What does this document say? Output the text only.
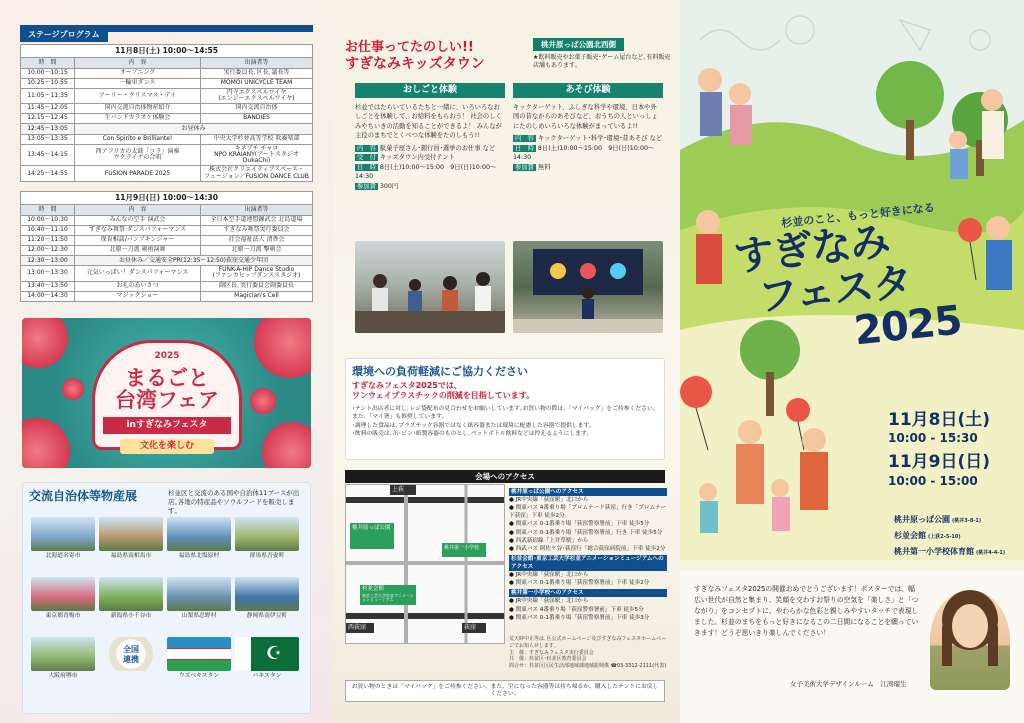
ステージプログラム
11月8日(土) 10:00～14:55		
時　間	内　容	出演者等
10:00～10:15	オープニング	実行委員長､区長､議長等
10:25～10:55	一輪車ダンス	MOMOI UNICYCLE TEAM
11:05～11:35	アーリー・クリスマス・デイ	円寺エクスペルワイヤ
(エンジーエクスペルワイヤ)
11:45～12:05	国内交流自治体物産紹介	国内交流自治体
12:15～12:45	生バンドカラオケ体験会	BANDIES
12:45～13:05	お昼休み	
13:05～13:35	Con Spirito e Brilliante!	中央大学杉並高等学校 吹奏楽部
13:45～14:15	西アフリカの太鼓「コラ」演奏
ウクライナの合唱	キネブチ チャロ
NPO KRAIANY(アートスタジオDukaChi)
14:25～14:55	FUSION PARADE 2025	株式会社クリエイティブスペース・
フュージョン／FUSION DANCE CLUB
11月9日(日) 10:00～14:30		
時　間	内　容	出演者等
10:00～10:30	みんなの空手 演武会	全日本空手道連盟錬武会 北島道場
10:40～11:10	すぎなみ舞祭 ダンスパフォーマンス	すぎなみ舞祭実行委員会
11:20～11:50	保育相談/パンプキンジャー	社会福祉法人 清香会
12:00～12:30	北原一刀流 剣術演舞	北原一刀流 撃剣会
12:30～13:00	お昼休み／交通安全PR(12:35～12:50)荻窪交通少年団	
13:00～13:30	元気いっぱい！ダンスパフォーマンス	FUNK-A-HIP Dance Studio
(ファンカヒップダンススタジオ)
13:40～13:50	お礼のあいさつ	副区長､実行委員会副委員長
14:00～14:30	マジックショー	Magician's Cell
2025
まるごと
台湾フェア
inすぎなみフェスタ
文化を楽しむ
交流自治体等物産展	杉並区と交流のある国や自治体11ブースが出店｡各地の特産品やソウルフードを販売します｡
北海道名寄市	福島県南相馬市	福島県北塩原村	群馬県吾妻町
東京都青梅市	新潟県小千谷市	山梨県忍野村	静岡県南伊豆町
大阪府堺市
全国
連携
ウズベキスタン
☪
パキスタン
お仕事ってたのしい!!
すぎなみキッズタウン
桃井原っぱ公園北西側
★飲料販売やお菓子販売･ゲーム屋台など､有料販売店舗もあります｡
おしごと体験
杉並ではたらいているたちと一緒に、いろいろなおしごとを体験して、お給料をもらおう！ 社会のしくみやちいきの活動を知ることができるよ！ みんなが主役のまちでとくべつな体験をたのしもう!!
内　容 駄菓子屋さん･銀行員･選挙のお仕事 など
受　付 キッズタウン内受付テント
日　時 8日(土)10:00～15:00　9日(日)10:00～14:30
参加費 300円
あそび体験
キックターゲット、ふしぎな科学や環境、日本や外国の昔なからのあそびなど、おうちの人といっしょにたのしめいろいろな体験がまっているよ!!
内　容 キックターゲット･科学･環境･昔あそび など
日　時 8日(土)10:00～15:00　9日(日)10:00～14:30
参加費 無料
環境への負荷軽減にご協力ください
すぎなみフェスタ2025では、
ワンウェイプラスチックの削減を目指しています。
･テント出店者に対し､レジ袋配布の見合わせをお願いしています｡お買い物の際は､「マイバッグ」をご持参ください｡また､「マイ箸」も推奨しています｡
･調理した食品は､プラスチック容器ではなく紙容器または環境に配慮した容器で提供します｡
･飲料の販売は､缶･ビン･紙製容器のものとし､ペットボトル飲料などは控えるようにします｡
会場へのアクセス
上荻
桃井原っぱ公園
桃井第一小学校
杉並会館
東京工芸大学杉並アニメーションミュージアム
荻窪
西荻窪
桃井原っぱ公園へのアクセス
● JR中央線「荻窪駅」北口から
● 関東バス 4番乗り場「プロムナード荻窪」行き「プロムナード荻窪」下車 徒歩2分
● 関東バス 0-1番乗り場「荻窪警察署前」下車 徒歩5分
● 関東バス 0-1番乗り場「荻窪警察署前」行き 下車 徒歩5分
● 西武新宿線「上井草駅」から
● 西武バス 阿佐ケ谷･荻窪行「総合荻窪病院前」下車 徒歩2分
杉並会館･東京工芸大学杉並アニメーションミュージアムへのアクセス
● JR中央線「荻窪駅」北口から
● 関東バス 0-1番乗り場「荻窪警察署前」下車 徒歩2分
桃井第一小学校へのアクセス
● JR中央線「荻窪駅」北口から
● 関東バス 4番乗り場「荻窪警察署前」下車 徒歩5分
● 関東バス 0-1番乗り場「荻窪警察署前」下車 徒歩3分
荒天時中止等は､区公式ホームページ及びすぎなみフェスタホームページでお知らせします｡
主　催：すぎなみフェスタ実行委員会
共　催：杉並区･杉並区教育委員会
問合せ：杉並区区民生活部地域課地域振興係 ☎03-3312-2111(代表)
お買い物のときは「マイバッグ」をご持参ください。また、空になった容器等は持ち帰るか、購入したテントにお戻しください。
杉並のこと、もっと好きになる
すぎなみ
フェスタ
2025
11月8日(土)
10:00 - 15:30
11月9日(日)
10:00 - 15:00
桃井原っぱ公園 (桃井3-8-1)
杉並会館 (上荻2-5-10)
桃井第一小学校体育館 (桃井4-4-1)
すぎなみフェスタ2025の開催おめでとうございます！ポスターでは、幅広い世代が自然と集まり、笑顔を交わすお祭りの空気を「楽しさ」と「つながり」をコンセプトに、やわらかな色彩と親しみやすいタッチで表現しました。杉並のまちをもっと好きになるこの二日間になることを願っていきます！どうぞ思いきり楽しんでください！
女子美術大学デザインルーム　江渕瑠生
